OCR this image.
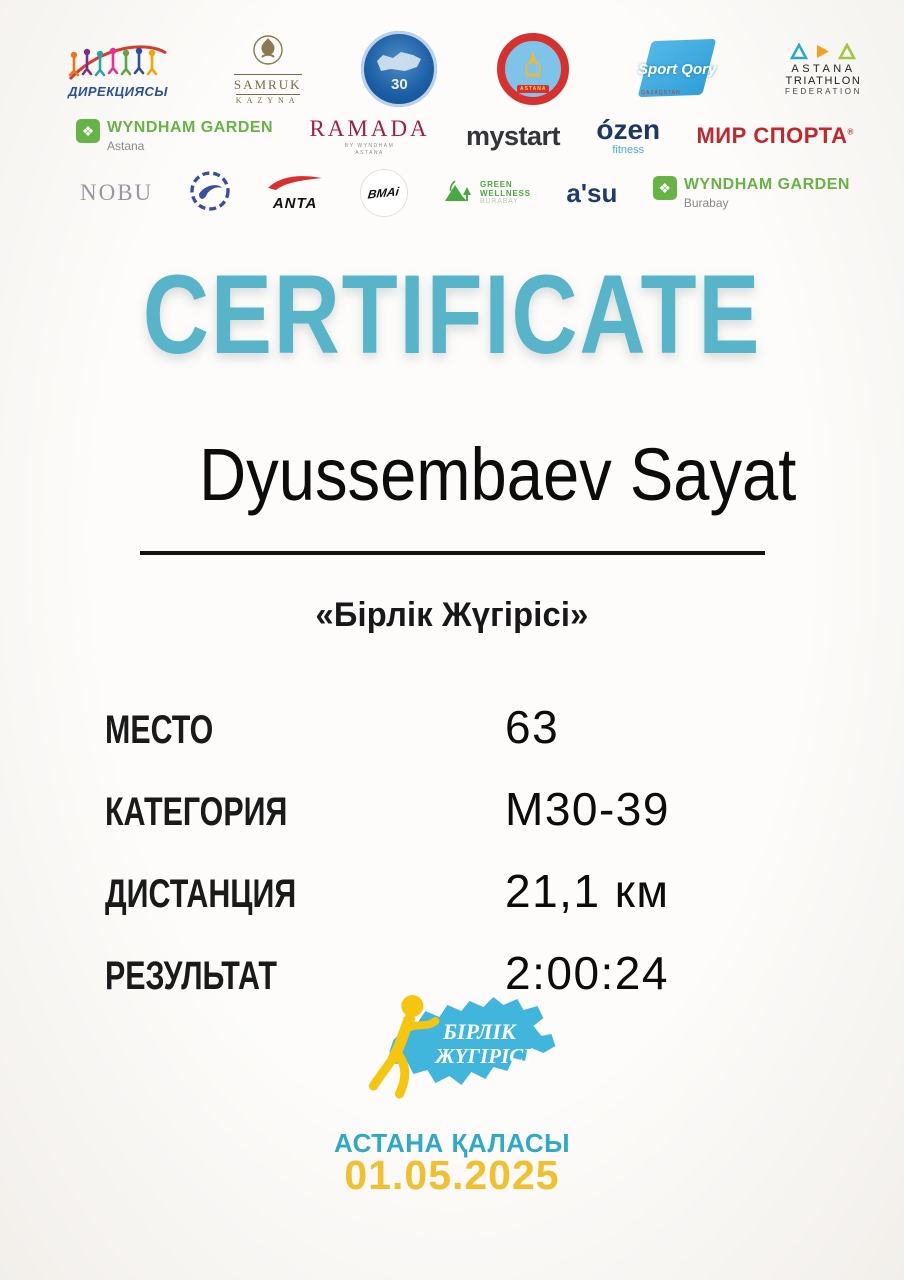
ДИРЕКЦИЯСЫ	SAMRUK
KAZYNA
30	ASTANA
Sport Qory
QAZAQSTAN
ASTANA
TRIATHLON
FEDERATION
❖ WYNDHAM GARDEN
Astana
RAMADA
BY WYNDHAM
ASTANA
mystart ózen
fitness
МИР СПОРТА®
NOBU	ANTA
BMAi
GREEN
WELLNESS
BURABAY	a'su	❖ WYNDHAM GARDEN
Burabay
CERTIFICATE
Dyussembaev Sayat
«Бірлік Жүгірісі»
МЕСТО	63
КАТЕГОРИЯ	M30-39
ДИСТАНЦИЯ	21,1 км
РЕЗУЛЬТАТ	2:00:24
БІРЛІК
ЖҮГІРІСІ
АСТАНА ҚАЛАСЫ
01.05.2025
